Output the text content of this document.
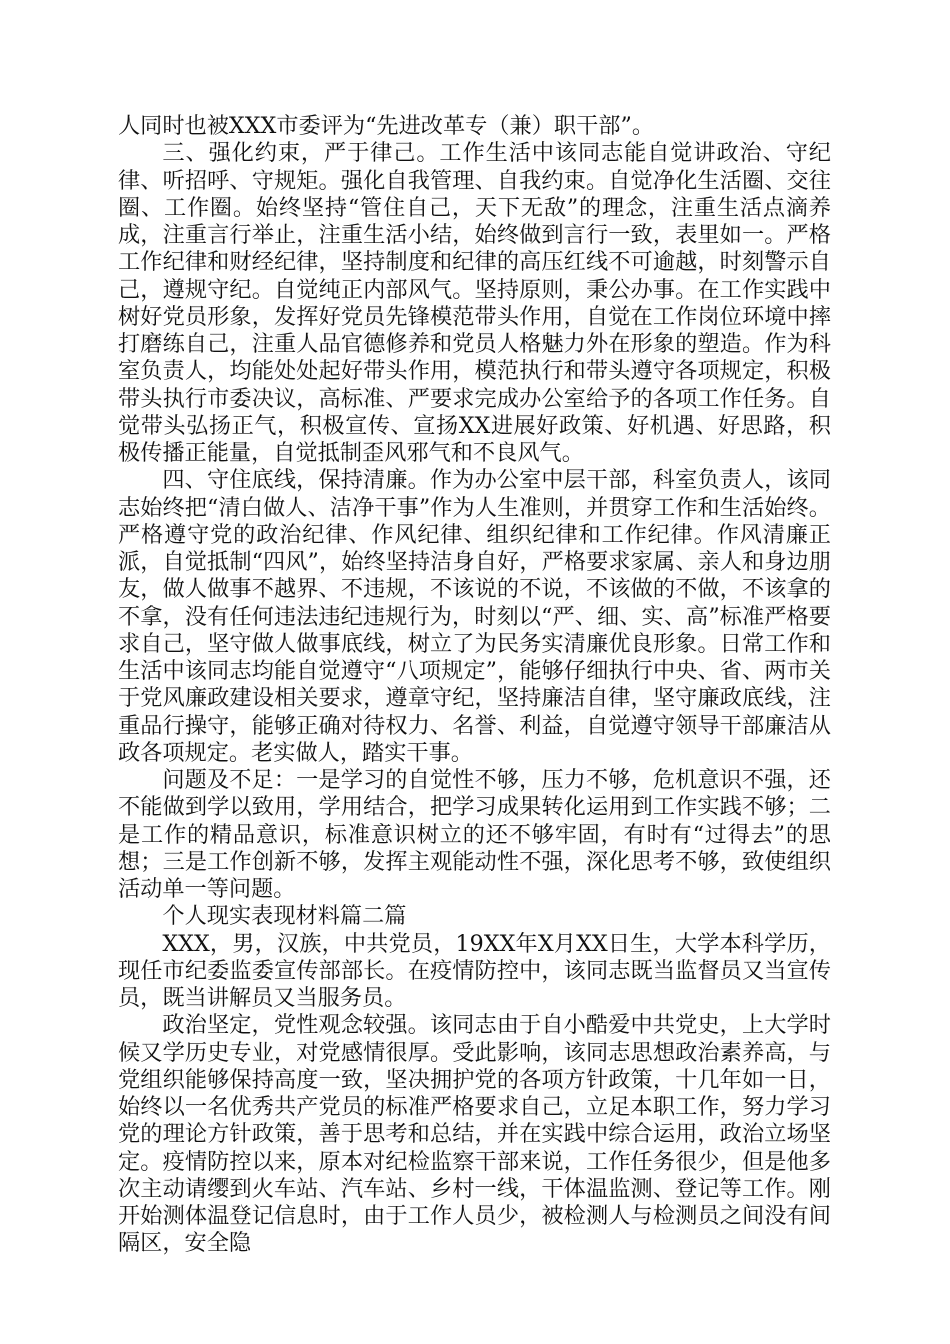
人同时也被XXX市委评为“先进改革专（兼）职干部”。

三、强化约束，严于律己。工作生活中该同志能自觉讲政治、守纪律、听招呼、守规矩。强化自我管理、自我约束。自觉净化生活圈、交往圈、工作圈。始终坚持“管住自己，天下无敌”的理念，注重生活点滴养成，注重言行举止，注重生活小结，始终做到言行一致，表里如一。严格工作纪律和财经纪律，坚持制度和纪律的高压红线不可逾越，时刻警示自己，遵规守纪。自觉纯正内部风气。坚持原则，秉公办事。在工作实践中树好党员形象，发挥好党员先锋模范带头作用，自觉在工作岗位环境中摔打磨练自己，注重人品官德修养和党员人格魅力外在形象的塑造。作为科室负责人，均能处处起好带头作用，模范执行和带头遵守各项规定，积极带头执行市委决议，高标准、严要求完成办公室给予的各项工作任务。自觉带头弘扬正气，积极宣传、宣扬XX进展好政策、好机遇、好思路，积极传播正能量，自觉抵制歪风邪气和不良风气。

四、守住底线，保持清廉。作为办公室中层干部，科室负责人，该同志始终把“清白做人、洁净干事”作为人生准则，并贯穿工作和生活始终。严格遵守党的政治纪律、作风纪律、组织纪律和工作纪律。作风清廉正派，自觉抵制“四风”，始终坚持洁身自好，严格要求家属、亲人和身边朋友，做人做事不越界、不违规，不该说的不说，不该做的不做，不该拿的不拿，没有任何违法违纪违规行为，时刻以“严、细、实、高”标准严格要求自己，坚守做人做事底线，树立了为民务实清廉优良形象。日常工作和生活中该同志均能自觉遵守“八项规定”，能够仔细执行中央、省、两市关于党风廉政建设相关要求，遵章守纪，坚持廉洁自律，坚守廉政底线，注重品行操守，能够正确对待权力、名誉、利益，自觉遵守领导干部廉洁从政各项规定。老实做人，踏实干事。

问题及不足：一是学习的自觉性不够，压力不够，危机意识不强，还不能做到学以致用，学用结合，把学习成果转化运用到工作实践不够；二是工作的精品意识，标准意识树立的还不够牢固，有时有“过得去”的思想；三是工作创新不够，发挥主观能动性不强，深化思考不够，致使组织活动单一等问题。

个人现实表现材料篇二篇

XXX，男，汉族，中共党员，19XX年X月XX日生，大学本科学历，现任市纪委监委宣传部部长。在疫情防控中，该同志既当监督员又当宣传员，既当讲解员又当服务员。

政治坚定，党性观念较强。该同志由于自小酷爱中共党史，上大学时候又学历史专业，对党感情很厚。受此影响，该同志思想政治素养高，与党组织能够保持高度一致，坚决拥护党的各项方针政策，十几年如一日，始终以一名优秀共产党员的标准严格要求自己，立足本职工作，努力学习党的理论方针政策，善于思考和总结，并在实践中综合运用，政治立场坚定。疫情防控以来，原本对纪检监察干部来说，工作任务很少，但是他多次主动请缨到火车站、汽车站、乡村一线，干体温监测、登记等工作。刚开始测体温登记信息时，由于工作人员少，被检测人与检测员之间没有间隔区，安全隐
